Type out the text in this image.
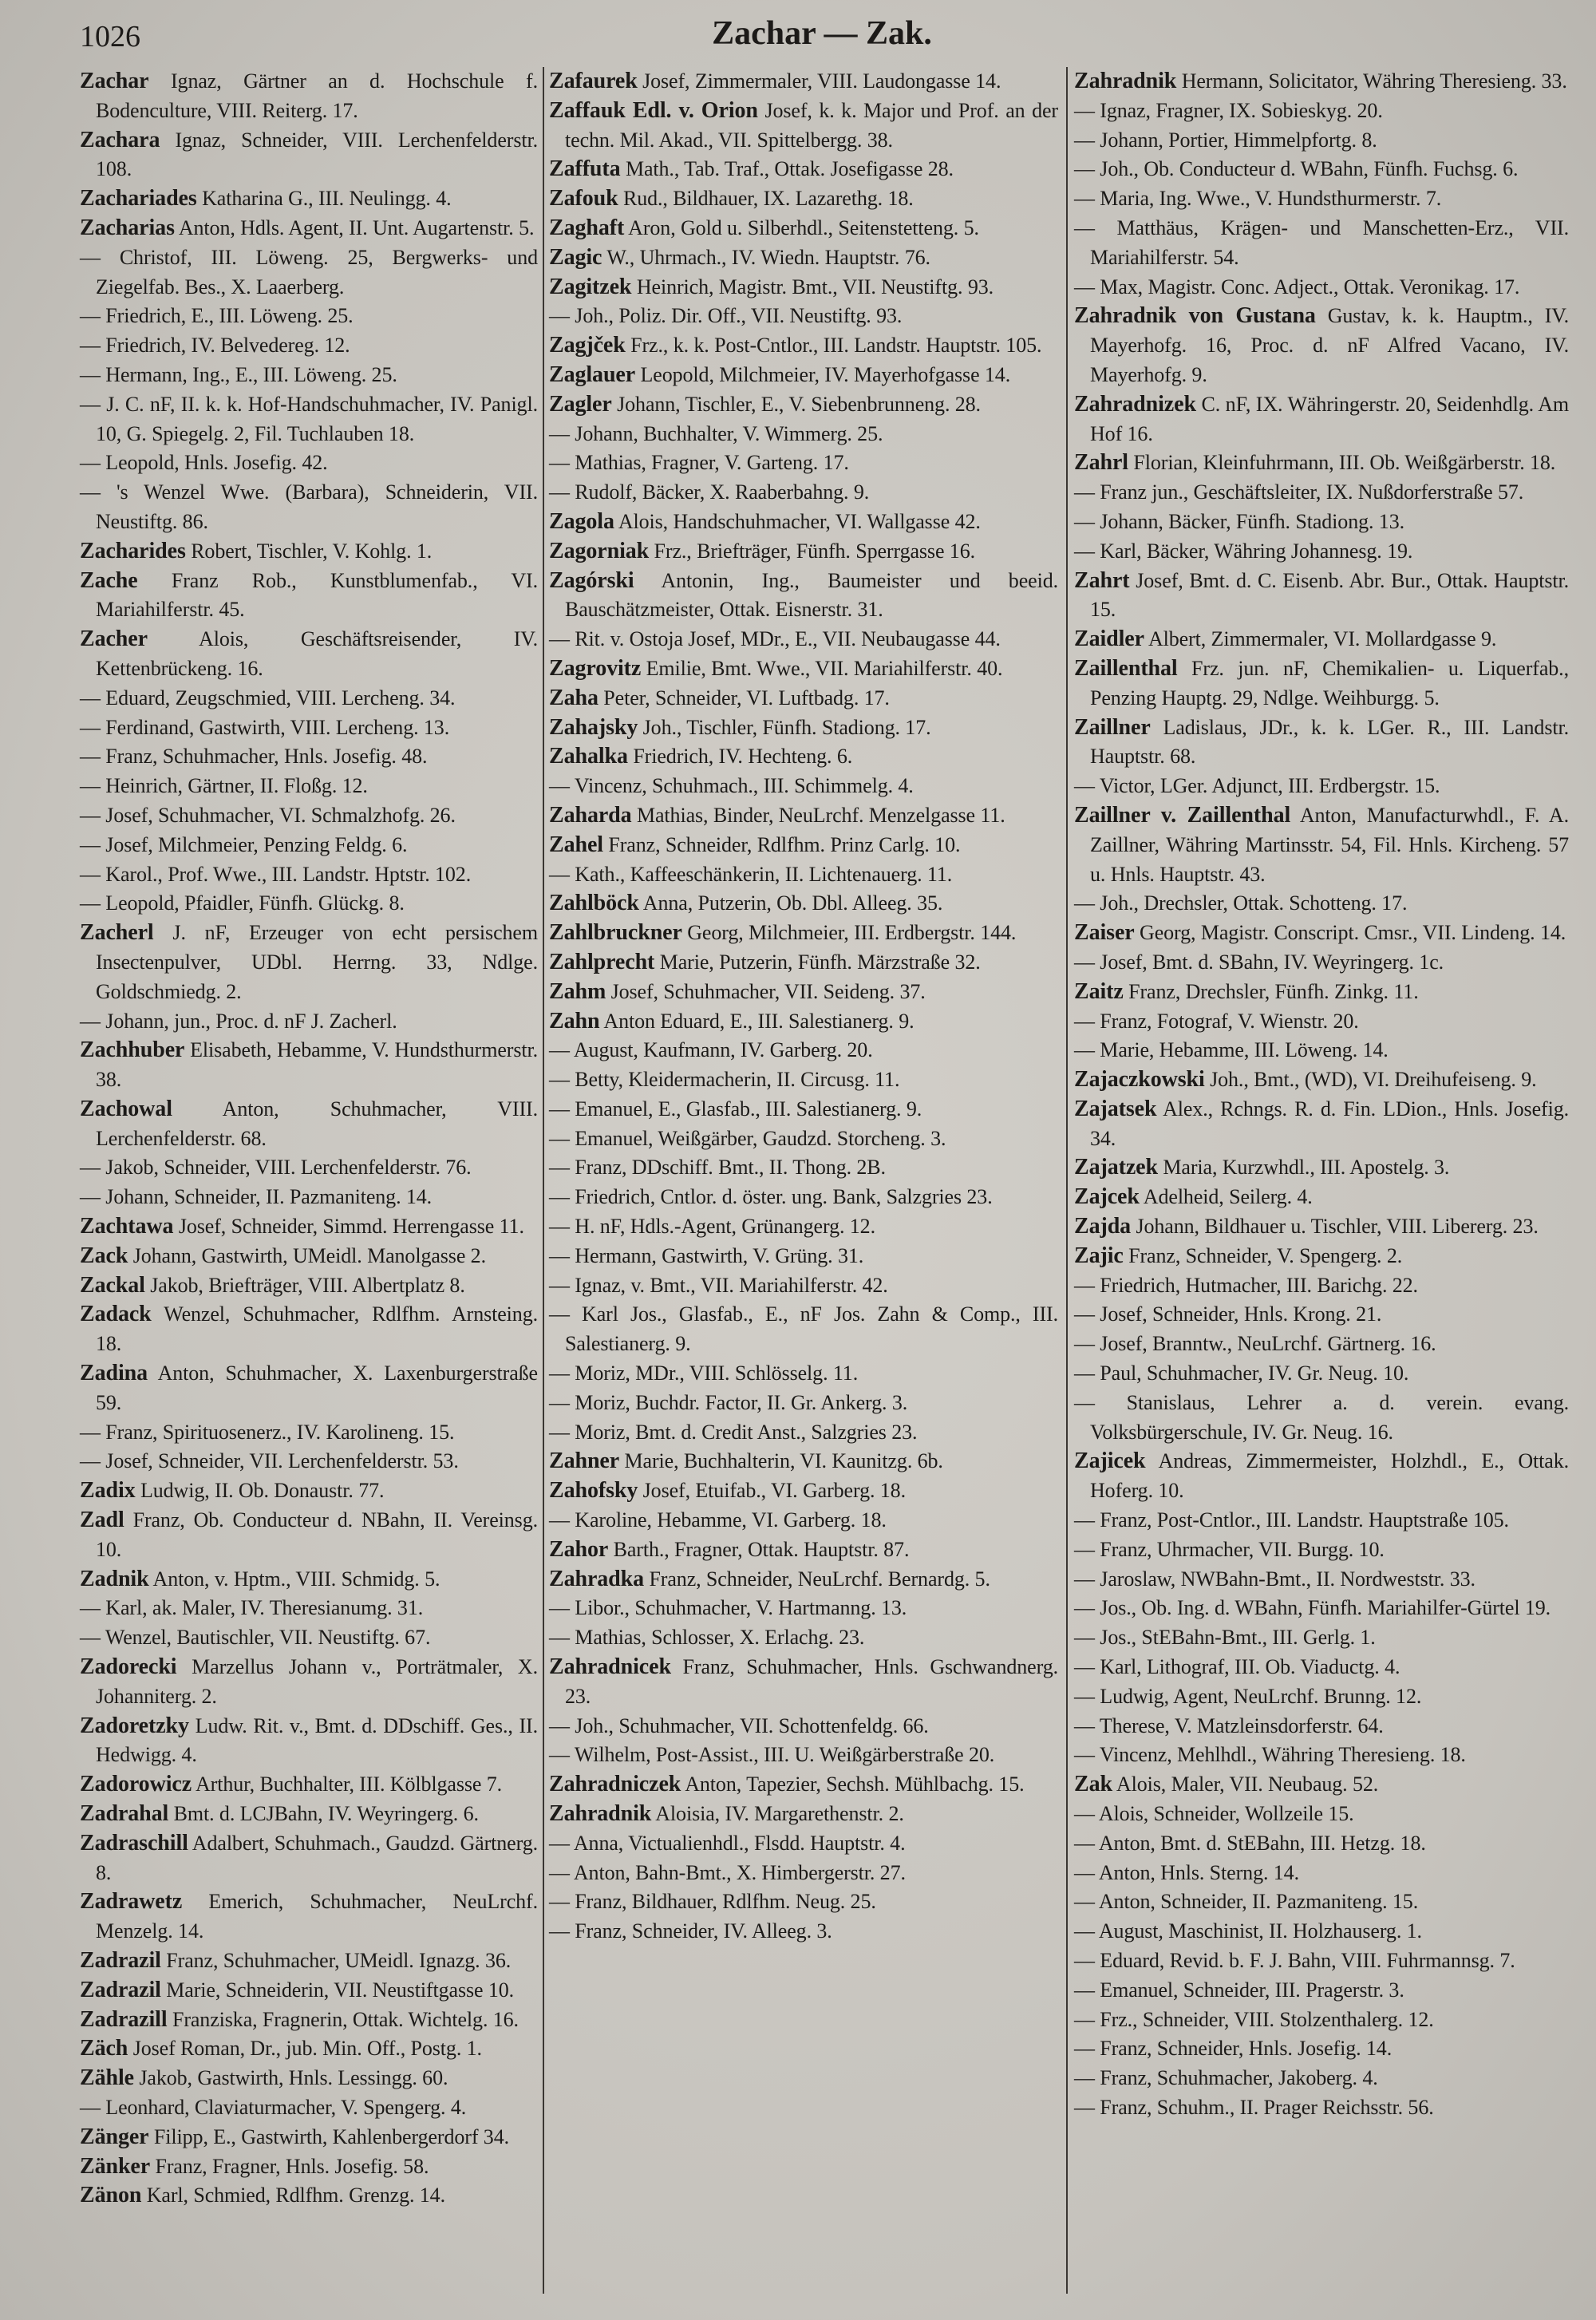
1026	Zachar — Zak.

Zachar Ignaz, Gärtner an d. Hochschule f. Bodenculture, VIII. Reiterg. 17.

Zachara Ignaz, Schneider, VIII. Lerchenfelderstr. 108.

Zachariades Katharina G., III. Neulingg. 4.

Zacharias Anton, Hdls. Agent, II. Unt. Augartenstr. 5.

— Christof, III. Löweng. 25, Bergwerks- und Ziegelfab. Bes., X. Laaerberg.

— Friedrich, E., III. Löweng. 25.

— Friedrich, IV. Belvedereg. 12.

— Hermann, Ing., E., III. Löweng. 25.

— J. C. nF, II. k. k. Hof-Handschuhmacher, IV. Panigl. 10, G. Spiegelg. 2, Fil. Tuchlauben 18.

— Leopold, Hnls. Josefig. 42.

— 's Wenzel Wwe. (Barbara), Schneiderin, VII. Neustiftg. 86.

Zacharides Robert, Tischler, V. Kohlg. 1.

Zache Franz Rob., Kunstblumenfab., VI. Mariahilferstr. 45.

Zacher Alois, Geschäftsreisender, IV. Kettenbrückeng. 16.

— Eduard, Zeugschmied, VIII. Lercheng. 34.

— Ferdinand, Gastwirth, VIII. Lercheng. 13.

— Franz, Schuhmacher, Hnls. Josefig. 48.

— Heinrich, Gärtner, II. Floßg. 12.

— Josef, Schuhmacher, VI. Schmalzhofg. 26.

— Josef, Milchmeier, Penzing Feldg. 6.

— Karol., Prof. Wwe., III. Landstr. Hptstr. 102.

— Leopold, Pfaidler, Fünfh. Glückg. 8.

Zacherl J. nF, Erzeuger von echt persischem Insectenpulver, UDbl. Herrng. 33, Ndlge. Goldschmiedg. 2.

— Johann, jun., Proc. d. nF J. Zacherl.

Zachhuber Elisabeth, Hebamme, V. Hundsthurmerstr. 38.

Zachowal Anton, Schuhmacher, VIII. Lerchenfelderstr. 68.

— Jakob, Schneider, VIII. Lerchenfelderstr. 76.

— Johann, Schneider, II. Pazmaniteng. 14.

Zachtawa Josef, Schneider, Simmd. Herrengasse 11.

Zack Johann, Gastwirth, UMeidl. Manolgasse 2.

Zackal Jakob, Briefträger, VIII. Albertplatz 8.

Zadack Wenzel, Schuhmacher, Rdlfhm. Arnsteing. 18.

Zadina Anton, Schuhmacher, X. Laxenburgerstraße 59.

— Franz, Spirituosenerz., IV. Karolineng. 15.

— Josef, Schneider, VII. Lerchenfelderstr. 53.

Zadix Ludwig, II. Ob. Donaustr. 77.

Zadl Franz, Ob. Conducteur d. NBahn, II. Vereinsg. 10.

Zadnik Anton, v. Hptm., VIII. Schmidg. 5.

— Karl, ak. Maler, IV. Theresianumg. 31.

— Wenzel, Bautischler, VII. Neustiftg. 67.

Zadorecki Marzellus Johann v., Porträtmaler, X. Johanniterg. 2.

Zadoretzky Ludw. Rit. v., Bmt. d. DDschiff. Ges., II. Hedwigg. 4.

Zadorowicz Arthur, Buchhalter, III. Kölblgasse 7.

Zadrahal Bmt. d. LCJBahn, IV. Weyringerg. 6.

Zadraschill Adalbert, Schuhmach., Gaudzd. Gärtnerg. 8.

Zadrawetz Emerich, Schuhmacher, NeuLrchf. Menzelg. 14.

Zadrazil Franz, Schuhmacher, UMeidl. Ignazg. 36.

Zadrazil Marie, Schneiderin, VII. Neustiftgasse 10.

Zadrazill Franziska, Fragnerin, Ottak. Wichtelg. 16.

Zäch Josef Roman, Dr., jub. Min. Off., Postg. 1.

Zähle Jakob, Gastwirth, Hnls. Lessingg. 60.

— Leonhard, Claviaturmacher, V. Spengerg. 4.

Zänger Filipp, E., Gastwirth, Kahlenbergerdorf 34.

Zänker Franz, Fragner, Hnls. Josefig. 58.

Zänon Karl, Schmied, Rdlfhm. Grenzg. 14.

Zafaurek Josef, Zimmermaler, VIII. Laudongasse 14.

Zaffauk Edl. v. Orion Josef, k. k. Major und Prof. an der techn. Mil. Akad., VII. Spittelbergg. 38.

Zaffuta Math., Tab. Traf., Ottak. Josefigasse 28.

Zafouk Rud., Bildhauer, IX. Lazarethg. 18.

Zaghaft Aron, Gold u. Silberhdl., Seitenstetteng. 5.

Zagic W., Uhrmach., IV. Wiedn. Hauptstr. 76.

Zagitzek Heinrich, Magistr. Bmt., VII. Neustiftg. 93.

— Joh., Poliz. Dir. Off., VII. Neustiftg. 93.

Zagjček Frz., k. k. Post-Cntlor., III. Landstr. Hauptstr. 105.

Zaglauer Leopold, Milchmeier, IV. Mayerhofgasse 14.

Zagler Johann, Tischler, E., V. Siebenbrunneng. 28.

— Johann, Buchhalter, V. Wimmerg. 25.

— Mathias, Fragner, V. Garteng. 17.

— Rudolf, Bäcker, X. Raaberbahng. 9.

Zagola Alois, Handschuhmacher, VI. Wallgasse 42.

Zagorniak Frz., Briefträger, Fünfh. Sperrgasse 16.

Zagórski Antonin, Ing., Baumeister und beeid. Bauschätzmeister, Ottak. Eisnerstr. 31.

— Rit. v. Ostoja Josef, MDr., E., VII. Neubaugasse 44.

Zagrovitz Emilie, Bmt. Wwe., VII. Mariahilferstr. 40.

Zaha Peter, Schneider, VI. Luftbadg. 17.

Zahajsky Joh., Tischler, Fünfh. Stadiong. 17.

Zahalka Friedrich, IV. Hechteng. 6.

— Vincenz, Schuhmach., III. Schimmelg. 4.

Zaharda Mathias, Binder, NeuLrchf. Menzelgasse 11.

Zahel Franz, Schneider, Rdlfhm. Prinz Carlg. 10.

— Kath., Kaffeeschänkerin, II. Lichtenauerg. 11.

Zahlböck Anna, Putzerin, Ob. Dbl. Alleeg. 35.

Zahlbruckner Georg, Milchmeier, III. Erdbergstr. 144.

Zahlprecht Marie, Putzerin, Fünfh. Märzstraße 32.

Zahm Josef, Schuhmacher, VII. Seideng. 37.

Zahn Anton Eduard, E., III. Salestianerg. 9.

— August, Kaufmann, IV. Garberg. 20.

— Betty, Kleidermacherin, II. Circusg. 11.

— Emanuel, E., Glasfab., III. Salestianerg. 9.

— Emanuel, Weißgärber, Gaudzd. Storcheng. 3.

— Franz, DDschiff. Bmt., II. Thong. 2B.

— Friedrich, Cntlor. d. öster. ung. Bank, Salzgries 23.

— H. nF, Hdls.-Agent, Grünangerg. 12.

— Hermann, Gastwirth, V. Grüng. 31.

— Ignaz, v. Bmt., VII. Mariahilferstr. 42.

— Karl Jos., Glasfab., E., nF Jos. Zahn & Comp., III. Salestianerg. 9.

— Moriz, MDr., VIII. Schlösselg. 11.

— Moriz, Buchdr. Factor, II. Gr. Ankerg. 3.

— Moriz, Bmt. d. Credit Anst., Salzgries 23.

Zahner Marie, Buchhalterin, VI. Kaunitzg. 6b.

Zahofsky Josef, Etuifab., VI. Garberg. 18.

— Karoline, Hebamme, VI. Garberg. 18.

Zahor Barth., Fragner, Ottak. Hauptstr. 87.

Zahradka Franz, Schneider, NeuLrchf. Bernardg. 5.

— Libor., Schuhmacher, V. Hartmanng. 13.

— Mathias, Schlosser, X. Erlachg. 23.

Zahradnicek Franz, Schuhmacher, Hnls. Gschwandnerg. 23.

— Joh., Schuhmacher, VII. Schottenfeldg. 66.

— Wilhelm, Post-Assist., III. U. Weißgärberstraße 20.

Zahradniczek Anton, Tapezier, Sechsh. Mühlbachg. 15.

Zahradnik Aloisia, IV. Margarethenstr. 2.

— Anna, Victualienhdl., Flsdd. Hauptstr. 4.

— Anton, Bahn-Bmt., X. Himbergerstr. 27.

— Franz, Bildhauer, Rdlfhm. Neug. 25.

— Franz, Schneider, IV. Alleeg. 3.

Zahradnik Hermann, Solicitator, Währing Theresieng. 33.

— Ignaz, Fragner, IX. Sobieskyg. 20.

— Johann, Portier, Himmelpfortg. 8.

— Joh., Ob. Conducteur d. WBahn, Fünfh. Fuchsg. 6.

— Maria, Ing. Wwe., V. Hundsthurmerstr. 7.

— Matthäus, Krägen- und Manschetten-Erz., VII. Mariahilferstr. 54.

— Max, Magistr. Conc. Adject., Ottak. Veronikag. 17.

Zahradnik von Gustana Gustav, k. k. Hauptm., IV. Mayerhofg. 16, Proc. d. nF Alfred Vacano, IV. Mayerhofg. 9.

Zahradnizek C. nF, IX. Währingerstr. 20, Seidenhdlg. Am Hof 16.

Zahrl Florian, Kleinfuhrmann, III. Ob. Weißgärberstr. 18.

— Franz jun., Geschäftsleiter, IX. Nußdorferstraße 57.

— Johann, Bäcker, Fünfh. Stadiong. 13.

— Karl, Bäcker, Währing Johannesg. 19.

Zahrt Josef, Bmt. d. C. Eisenb. Abr. Bur., Ottak. Hauptstr. 15.

Zaidler Albert, Zimmermaler, VI. Mollardgasse 9.

Zaillenthal Frz. jun. nF, Chemikalien- u. Liquerfab., Penzing Hauptg. 29, Ndlge. Weihburgg. 5.

Zaillner Ladislaus, JDr., k. k. LGer. R., III. Landstr. Hauptstr. 68.

— Victor, LGer. Adjunct, III. Erdbergstr. 15.

Zaillner v. Zaillenthal Anton, Manufacturwhdl., F. A. Zaillner, Währing Martinsstr. 54, Fil. Hnls. Kircheng. 57 u. Hnls. Hauptstr. 43.

— Joh., Drechsler, Ottak. Schotteng. 17.

Zaiser Georg, Magistr. Conscript. Cmsr., VII. Lindeng. 14.

— Josef, Bmt. d. SBahn, IV. Weyringerg. 1c.

Zaitz Franz, Drechsler, Fünfh. Zinkg. 11.

— Franz, Fotograf, V. Wienstr. 20.

— Marie, Hebamme, III. Löweng. 14.

Zajaczkowski Joh., Bmt., (WD), VI. Dreihufeiseng. 9.

Zajatsek Alex., Rchngs. R. d. Fin. LDion., Hnls. Josefig. 34.

Zajatzek Maria, Kurzwhdl., III. Apostelg. 3.

Zajcek Adelheid, Seilerg. 4.

Zajda Johann, Bildhauer u. Tischler, VIII. Libererg. 23.

Zajic Franz, Schneider, V. Spengerg. 2.

— Friedrich, Hutmacher, III. Barichg. 22.

— Josef, Schneider, Hnls. Krong. 21.

— Josef, Branntw., NeuLrchf. Gärtnerg. 16.

— Paul, Schuhmacher, IV. Gr. Neug. 10.

— Stanislaus, Lehrer a. d. verein. evang. Volksbürgerschule, IV. Gr. Neug. 16.

Zajicek Andreas, Zimmermeister, Holzhdl., E., Ottak. Hoferg. 10.

— Franz, Post-Cntlor., III. Landstr. Hauptstraße 105.

— Franz, Uhrmacher, VII. Burgg. 10.

— Jaroslaw, NWBahn-Bmt., II. Nordweststr. 33.

— Jos., Ob. Ing. d. WBahn, Fünfh. Mariahilfer-Gürtel 19.

— Jos., StEBahn-Bmt., III. Gerlg. 1.

— Karl, Lithograf, III. Ob. Viaductg. 4.

— Ludwig, Agent, NeuLrchf. Brunng. 12.

— Therese, V. Matzleinsdorferstr. 64.

— Vincenz, Mehlhdl., Währing Theresieng. 18.

Zak Alois, Maler, VII. Neubaug. 52.

— Alois, Schneider, Wollzeile 15.

— Anton, Bmt. d. StEBahn, III. Hetzg. 18.

— Anton, Hnls. Sterng. 14.

— Anton, Schneider, II. Pazmaniteng. 15.

— August, Maschinist, II. Holzhauserg. 1.

— Eduard, Revid. b. F. J. Bahn, VIII. Fuhrmannsg. 7.

— Emanuel, Schneider, III. Pragerstr. 3.

— Frz., Schneider, VIII. Stolzenthalerg. 12.

— Franz, Schneider, Hnls. Josefig. 14.

— Franz, Schuhmacher, Jakoberg. 4.

— Franz, Schuhm., II. Prager Reichsstr. 56.
